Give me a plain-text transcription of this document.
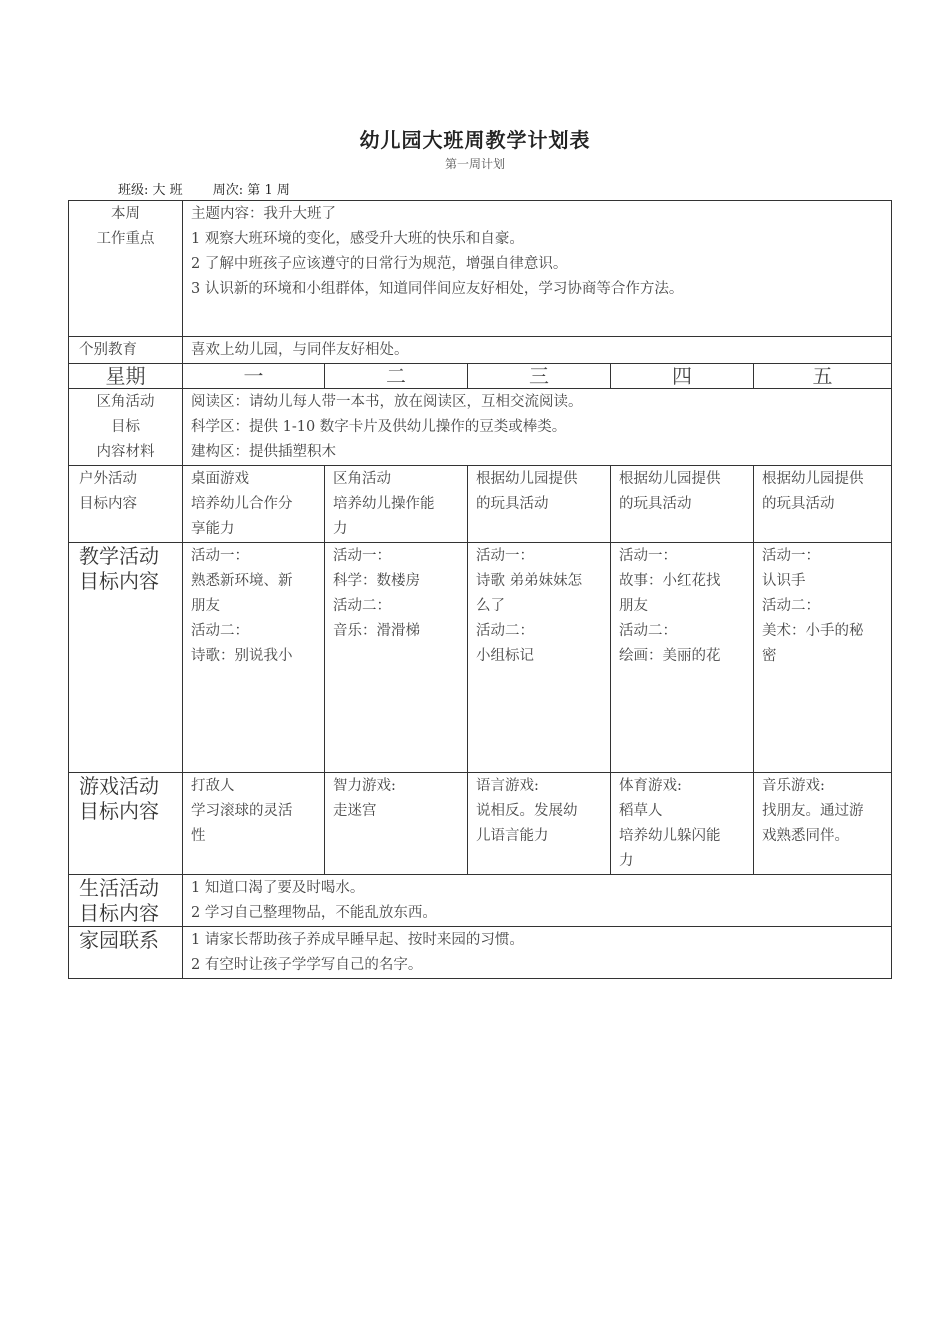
幼儿园大班周教学计划表
第一周计划
班级: 大 班 周次: 第 1 周
本周
工作重点	主题内容：我升大班了
1 观察大班环境的变化，感受升大班的快乐和自豪。
2 了解中班孩子应该遵守的日常行为规范，增强自律意识。
3 认识新的环境和小组群体，知道同伴间应友好相处，学习协商等合作方法。				

个别教育	喜欢上幼儿园，与同伴友好相处。				
星期	一	二	三	四	五

区角活动
目标
内容材料	阅读区：请幼儿每人带一本书，放在阅读区，互相交流阅读。
科学区：提供 1-10 数字卡片及供幼儿操作的豆类或棒类。
建构区：提供插塑积木				

户外活动
目标内容	桌面游戏
培养幼儿合作分
享能力	区角活动
培养幼儿操作能
力	根据幼儿园提供
的玩具活动	根据幼儿园提供
的玩具活动	根据幼儿园提供
的玩具活动

教学活动
目标内容	活动一：
熟悉新环境、新
朋友
活动二：
诗歌：别说我小	活动一：
科学：数楼房
活动二：
音乐：滑滑梯	活动一：
诗歌 弟弟妹妹怎
么了
活动二：
小组标记	活动一：
故事：小红花找
朋友
活动二：
绘画：美丽的花	活动一：
认识手
活动二：
美术：小手的秘
密

游戏活动
目标内容	打敌人
学习滚球的灵活
性	智力游戏:
走迷宫	语言游戏:
说相反。发展幼
儿语言能力	体育游戏:
稻草人
培养幼儿躲闪能
力	音乐游戏:
找朋友。通过游
戏熟悉同伴。

生活活动
目标内容	1 知道口渴了要及时喝水。
2 学习自己整理物品，不能乱放东西。				

家园联系	1 请家长帮助孩子养成早睡早起、按时来园的习惯。
2 有空时让孩子学学写自己的名字。				
